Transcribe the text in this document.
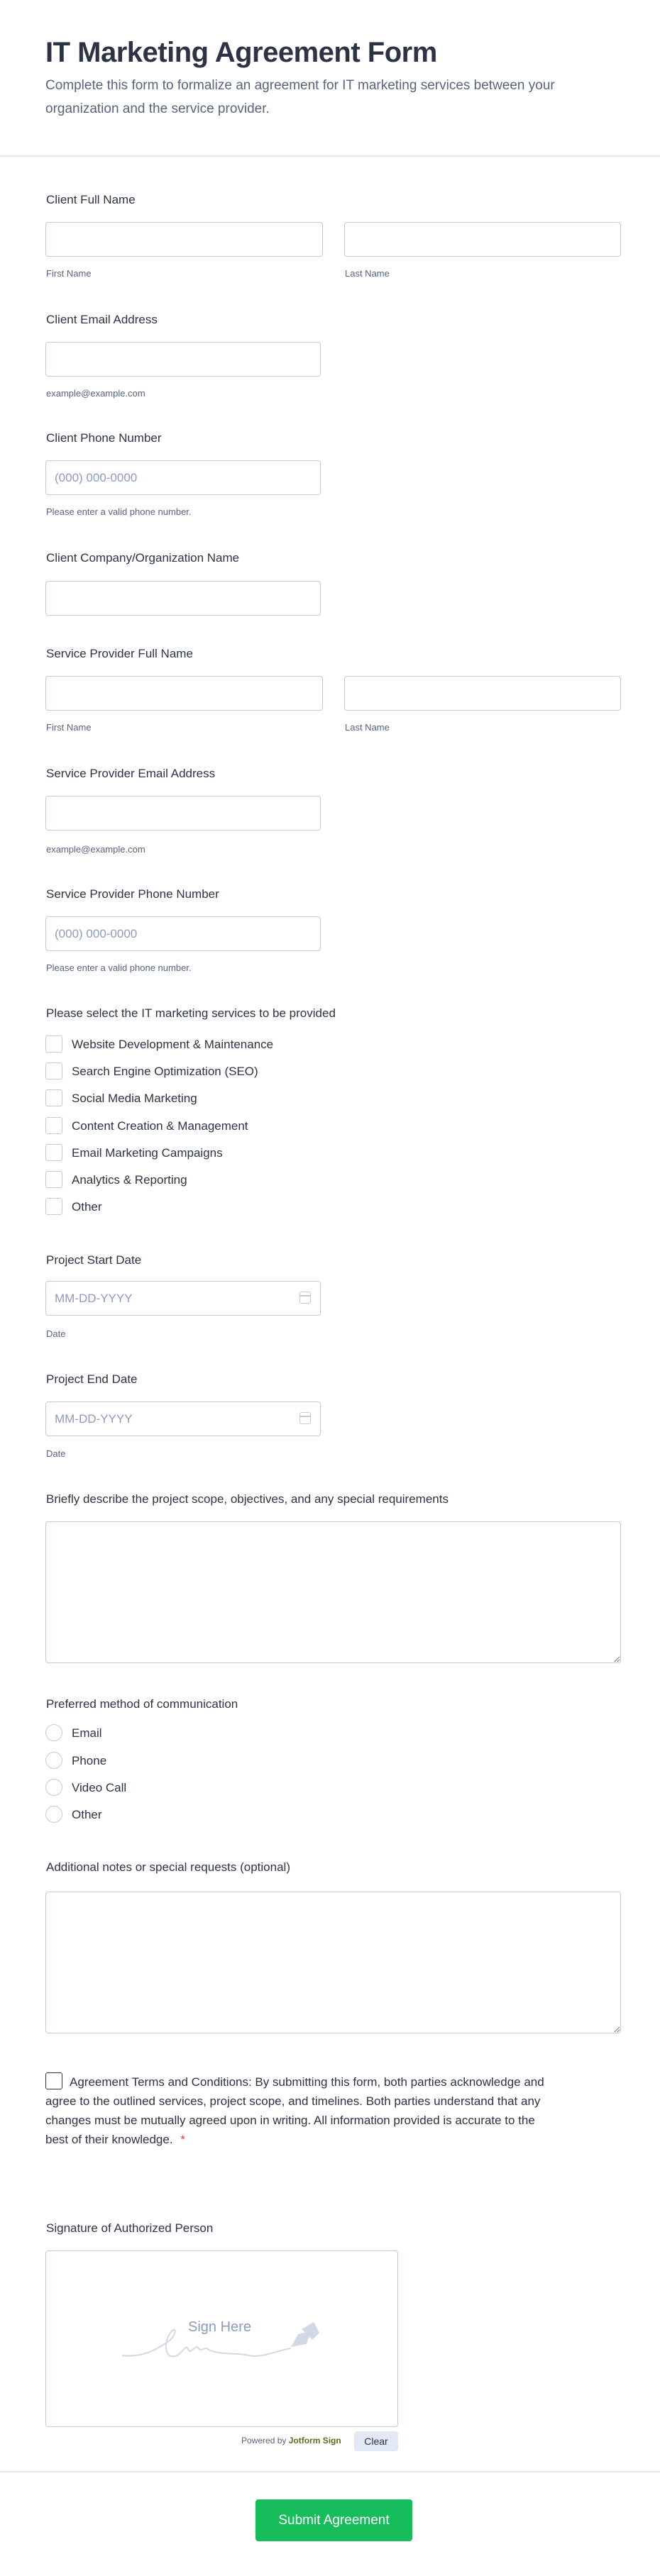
IT Marketing Agreement Form
Complete this form to formalize an agreement for IT marketing services between your organization and the service provider.
Client Full Name
First Name	Last Name
Client Email Address
example@example.com
Client Phone Number
(000) 000-0000
Please enter a valid phone number.
Client Company/Organization Name
Service Provider Full Name
First Name	Last Name
Service Provider Email Address
example@example.com
Service Provider Phone Number
(000) 000-0000
Please enter a valid phone number.
Please select the IT marketing services to be provided
Website Development & Maintenance
Search Engine Optimization (SEO)
Social Media Marketing
Content Creation & Management
Email Marketing Campaigns
Analytics & Reporting
Other
Project Start Date
MM-DD-YYYY
Date
Project End Date
MM-DD-YYYY
Date
Briefly describe the project scope, objectives, and any special requirements
Preferred method of communication
Email
Phone
Video Call
Other
Additional notes or special requests (optional)
Agreement Terms and Conditions: By submitting this form, both parties acknowledge and agree to the outlined services, project scope, and timelines. Both parties understand that any changes must be mutually agreed upon in writing. All information provided is accurate to the best of their knowledge. *
Signature of Authorized Person
Sign Here
Powered by Jotform Sign	Clear
Submit Agreement
